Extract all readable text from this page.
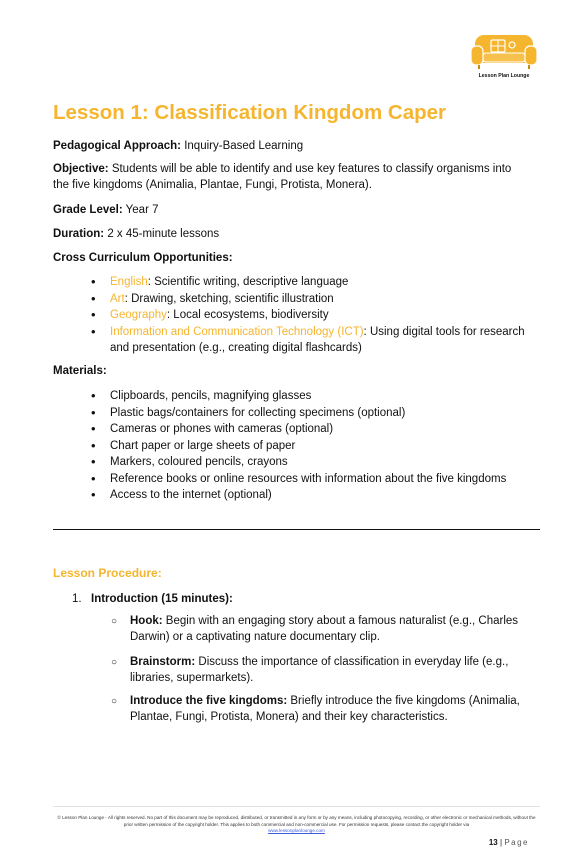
Lesson Plan Lounge
Lesson 1: Classification Kingdom Caper

Pedagogical Approach: Inquiry-Based Learning

Objective: Students will be able to identify and use key features to classify organisms into the five kingdoms (Animalia, Plantae, Fungi, Protista, Monera).

Grade Level: Year 7

Duration: 2 x 45-minute lessons

Cross Curriculum Opportunities:

• English: Scientific writing, descriptive language
• Art: Drawing, sketching, scientific illustration
• Geography: Local ecosystems, biodiversity
• Information and Communication Technology (ICT): Using digital tools for research and presentation (e.g., creating digital flashcards)

Materials:

• Clipboards, pencils, magnifying glasses
• Plastic bags/containers for collecting specimens (optional)
• Cameras or phones with cameras (optional)
• Chart paper or large sheets of paper
• Markers, coloured pencils, crayons
• Reference books or online resources with information about the five kingdoms
• Access to the internet (optional)
Lesson Procedure:

1. Introduction (15 minutes):

○ Hook: Begin with an engaging story about a famous naturalist (e.g., Charles Darwin) or a captivating nature documentary clip.

○ Brainstorm: Discuss the importance of classification in everyday life (e.g., libraries, supermarkets).

○ Introduce the five kingdoms: Briefly introduce the five kingdoms (Animalia, Plantae, Fungi, Protista, Monera) and their key characteristics.

© Lesson Plan Lounge - All rights reserved. No part of this document may be reproduced, distributed, or transmitted in any form or by any means, including photocopying, recording, or other electronic or mechanical methods, without the prior written permission of the copyright holder. This applies to both commercial and non-commercial use. For permission requests, please contact the copyright holder via
www.lessonplanlounge.com
13 | Page
